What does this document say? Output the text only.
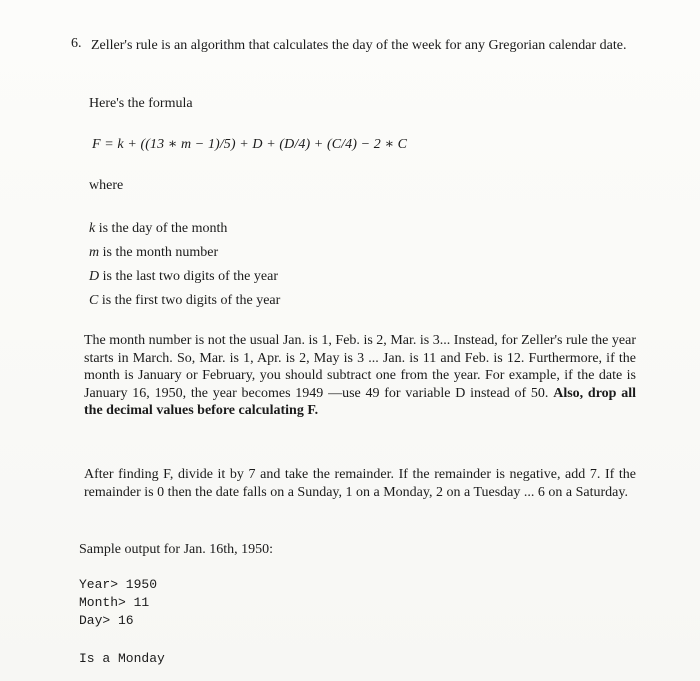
6. Zeller's rule is an algorithm that calculates the day of the week for any Gregorian calendar date.
Here's the formula
F = k + ((13 ∗ m − 1)/5) + D + (D/4) + (C/4) − 2 ∗ C
where
k is the day of the month
m is the month number
D is the last two digits of the year
C is the first two digits of the year
The month number is not the usual Jan. is 1, Feb. is 2, Mar. is 3... Instead, for Zeller's rule the year starts in March. So, Mar. is 1, Apr. is 2, May is 3 ... Jan. is 11 and Feb. is 12. Furthermore, if the month is January or February, you should subtract one from the year. For example, if the date is January 16, 1950, the year becomes 1949 —use 49 for variable D instead of 50. Also, drop all the decimal values before calculating F.
After finding F, divide it by 7 and take the remainder. If the remainder is negative, add 7. If the remainder is 0 then the date falls on a Sunday, 1 on a Monday, 2 on a Tuesday ... 6 on a Saturday.
Sample output for Jan. 16th, 1950:
Year> 1950
Month> 11
Day> 16
Is a Monday
